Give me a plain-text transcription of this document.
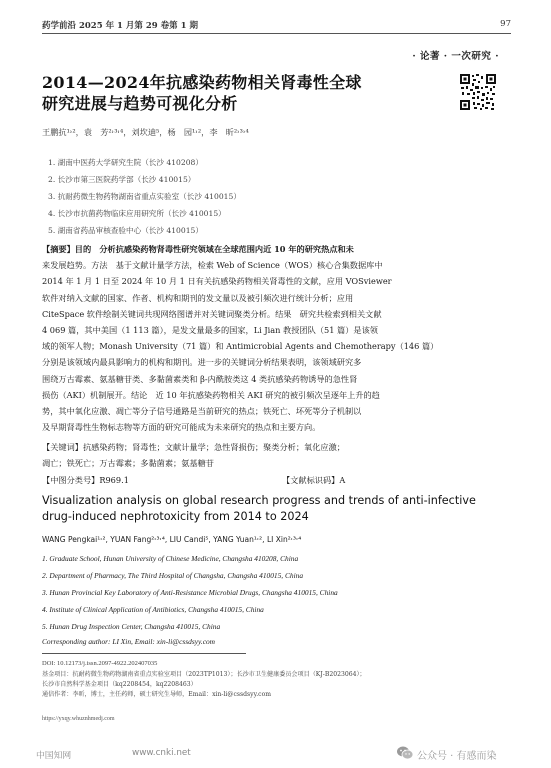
药学前沿 2025 年 1 月第 29 卷第 1 期	97
· 论著 · 一次研究 ·
2014—2024年抗感染药物相关肾毒性全球
研究进展与趋势可视化分析
王鹏抗¹˒²，袁　芳²˒³˒⁴，刘坎迪⁵，杨　园¹˒²，李　昕²˒³˒⁴
1. 湖南中医药大学研究生院（长沙 410208）
2. 长沙市第三医院药学部（长沙 410015）
3. 抗耐药微生物药物湖南省重点实验室（长沙 410015）
4. 长沙市抗菌药物临床应用研究所（长沙 410015）
5. 湖南省药品审核查验中心（长沙 410015）
【摘要】目的　分析抗感染药物肾毒性研究领域在全球范围内近 10 年的研究热点和未
来发展趋势。方法　基于文献计量学方法，检索 Web of Science（WOS）核心合集数据库中
2014 年 1 月 1 日至 2024 年 10 月 1 日有关抗感染药物相关肾毒性的文献，应用 VOSviewer
软件对纳入文献的国家、作者、机构和期刊的发文量以及被引频次进行统计分析；应用
CiteSpace 软件绘制关键词共现网络图谱并对关键词聚类分析。结果　研究共检索到相关文献
4 069 篇，其中美国（1 113 篇），是发文量最多的国家，Li Jian 教授团队（51 篇）是该领
域的领军人物；Monash University（71 篇）和 Antimicrobial Agents and Chemotherapy（146 篇）
分别是该领域内最具影响力的机构和期刊。进一步的关键词分析结果表明，该领域研究多
围绕万古霉素、氨基糖苷类、多黏菌素类和 β-内酰胺类这 4 类抗感染药物诱导的急性肾
损伤（AKI）机制展开。结论　近 10 年抗感染药物相关 AKI 研究的被引频次呈逐年上升的趋
势，其中氧化应激、凋亡等分子信号通路是当前研究的热点；铁死亡、坏死等分子机制以
及早期肾毒性生物标志物等方面的研究可能成为未来研究的热点和主要方向。
【关键词】抗感染药物；肾毒性；文献计量学；急性肾损伤；聚类分析；氧化应激；
凋亡；铁死亡；万古霉素；多黏菌素；氨基糖苷
【中图分类号】R969.1	【文献标识码】A
Visualization analysis on global research progress and trends of anti-infective
drug-induced nephrotoxicity from 2014 to 2024
WANG Pengkai¹˒², YUAN Fang²˒³˒⁴, LIU Candi⁵, YANG Yuan¹˒², LI Xin²˒³˒⁴
1. Graduate School, Hunan University of Chinese Medicine, Changsha 410208, China
2. Department of Pharmacy, The Third Hospital of Changsha, Changsha 410015, China
3. Hunan Provincial Key Laboratory of Anti-Resistance Microbial Drugs, Changsha 410015, China
4. Institute of Clinical Application of Antibiotics, Changsha 410015, China
5. Hunan Drug Inspection Center, Changsha 410015, China
Corresponding author: LI Xin, Email: xin-li@cssdsyy.com
DOI: 10.12173/j.issn.2097-4922.202407035
基金项目：抗耐药微生物药物湖南省重点实验室项目（2023TP1013）；长沙市卫生健康委员会项目（KJ-B2023064）；
长沙市自然科学基金项目（kq2208454，kq2208463）
通信作者：李昕，博士，主任药师，硕士研究生导师，Email：xin-li@cssdsyy.com
https://yxqy.whuznhmedj.com
中国知网	www.cnki.net	公众号 · 有感而染
